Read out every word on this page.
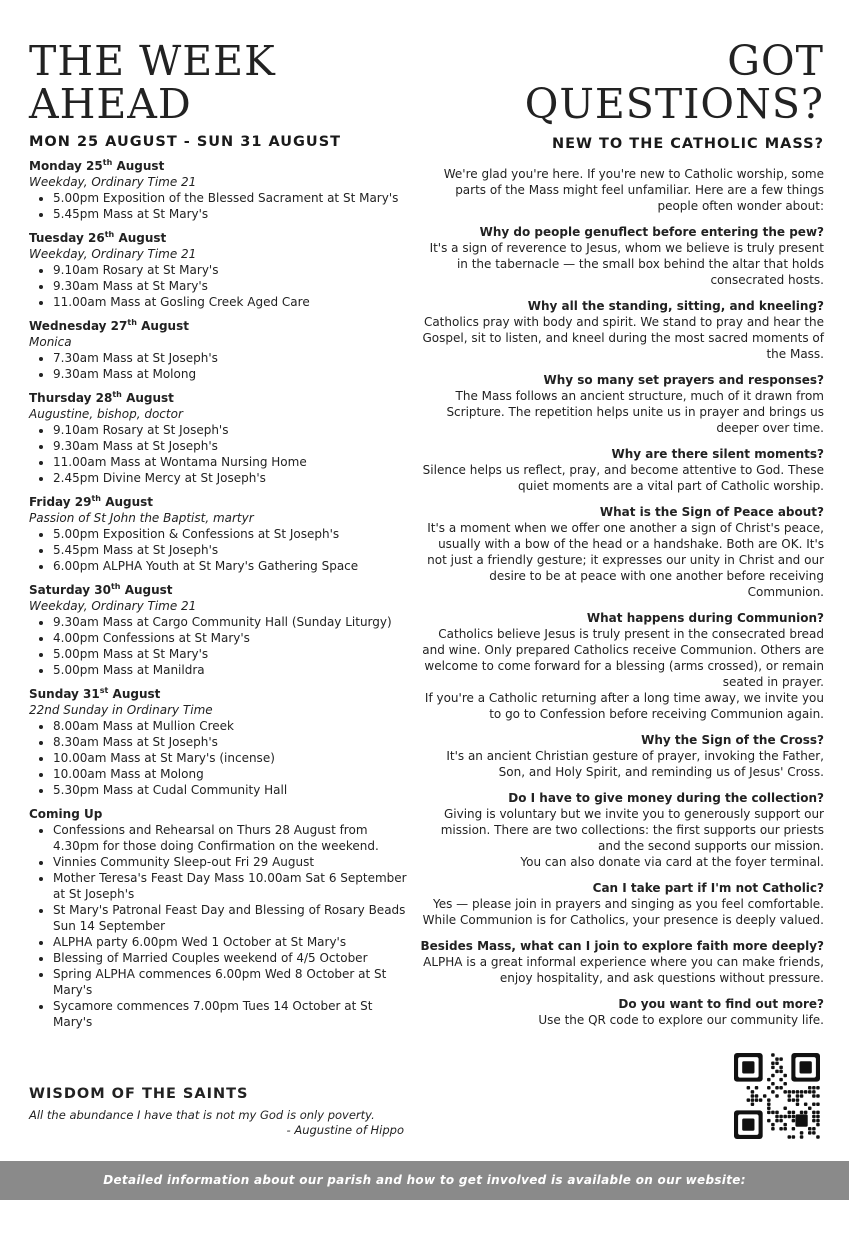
THE WEEK
AHEAD
MON 25 AUGUST - SUN 31 AUGUST
Monday 25th August
Weekday, Ordinary Time 21
• 5.00pm Exposition of the Blessed Sacrament at St Mary's
• 5.45pm Mass at St Mary's
Tuesday 26th August
Weekday, Ordinary Time 21
• 9.10am Rosary at St Mary's
• 9.30am Mass at St Mary's
• 11.00am Mass at Gosling Creek Aged Care
Wednesday 27th August
Monica
• 7.30am Mass at St Joseph's
• 9.30am Mass at Molong
Thursday 28th August
Augustine, bishop, doctor
• 9.10am Rosary at St Joseph's
• 9.30am Mass at St Joseph's
• 11.00am Mass at Wontama Nursing Home
• 2.45pm Divine Mercy at St Joseph's
Friday 29th August
Passion of St John the Baptist, martyr
• 5.00pm Exposition & Confessions at St Joseph's
• 5.45pm Mass at St Joseph's
• 6.00pm ALPHA Youth at St Mary's Gathering Space
Saturday 30th August
Weekday, Ordinary Time 21
• 9.30am Mass at Cargo Community Hall (Sunday Liturgy)
• 4.00pm Confessions at St Mary's
• 5.00pm Mass at St Mary's
• 5.00pm Mass at Manildra
Sunday 31st August
22nd Sunday in Ordinary Time
• 8.00am Mass at Mullion Creek
• 8.30am Mass at St Joseph's
• 10.00am Mass at St Mary's (incense)
• 10.00am Mass at Molong
• 5.30pm Mass at Cudal Community Hall
Coming Up
• Confessions and Rehearsal on Thurs 28 August from 4.30pm for those doing Confirmation on the weekend.
• Vinnies Community Sleep-out Fri 29 August
• Mother Teresa's Feast Day Mass 10.00am Sat 6 September at St Joseph's
• St Mary's Patronal Feast Day and Blessing of Rosary Beads Sun 14 September
• ALPHA party 6.00pm Wed 1 October at St Mary's
• Blessing of Married Couples weekend of 4/5 October
• Spring ALPHA commences 6.00pm Wed 8 October at St Mary's
• Sycamore commences 7.00pm Tues 14 October at St Mary's
WISDOM OF THE SAINTS
All the abundance I have that is not my God is only poverty.
- Augustine of Hippo
GOT
QUESTIONS?
NEW TO THE CATHOLIC MASS?
We're glad you're here. If you're new to Catholic worship, some parts of the Mass might feel unfamiliar. Here are a few things people often wonder about:
Why do people genuflect before entering the pew?
It's a sign of reverence to Jesus, whom we believe is truly present in the tabernacle — the small box behind the altar that holds consecrated hosts.
Why all the standing, sitting, and kneeling?
Catholics pray with body and spirit. We stand to pray and hear the Gospel, sit to listen, and kneel during the most sacred moments of the Mass.
Why so many set prayers and responses?
The Mass follows an ancient structure, much of it drawn from Scripture. The repetition helps unite us in prayer and brings us deeper over time.
Why are there silent moments?
Silence helps us reflect, pray, and become attentive to God. These quiet moments are a vital part of Catholic worship.
What is the Sign of Peace about?
It's a moment when we offer one another a sign of Christ's peace, usually with a bow of the head or a handshake. Both are OK. It's not just a friendly gesture; it expresses our unity in Christ and our desire to be at peace with one another before receiving Communion.
What happens during Communion?
Catholics believe Jesus is truly present in the consecrated bread and wine. Only prepared Catholics receive Communion. Others are welcome to come forward for a blessing (arms crossed), or remain seated in prayer.
If you're a Catholic returning after a long time away, we invite you to go to Confession before receiving Communion again.
Why the Sign of the Cross?
It's an ancient Christian gesture of prayer, invoking the Father, Son, and Holy Spirit, and reminding us of Jesus' Cross.
Do I have to give money during the collection?
Giving is voluntary but we invite you to generously support our mission. There are two collections: the first supports our priests and the second supports our mission.
You can also donate via card at the foyer terminal.
Can I take part if I'm not Catholic?
Yes — please join in prayers and singing as you feel comfortable. While Communion is for Catholics, your presence is deeply valued.
Besides Mass, what can I join to explore faith more deeply?
ALPHA is a great informal experience where you can make friends, enjoy hospitality, and ask questions without pressure.
Do you want to find out more?
Use the QR code to explore our community life.
Detailed information about our parish and how to get involved is available on our website: bathurst.catholic.org.au/orange
